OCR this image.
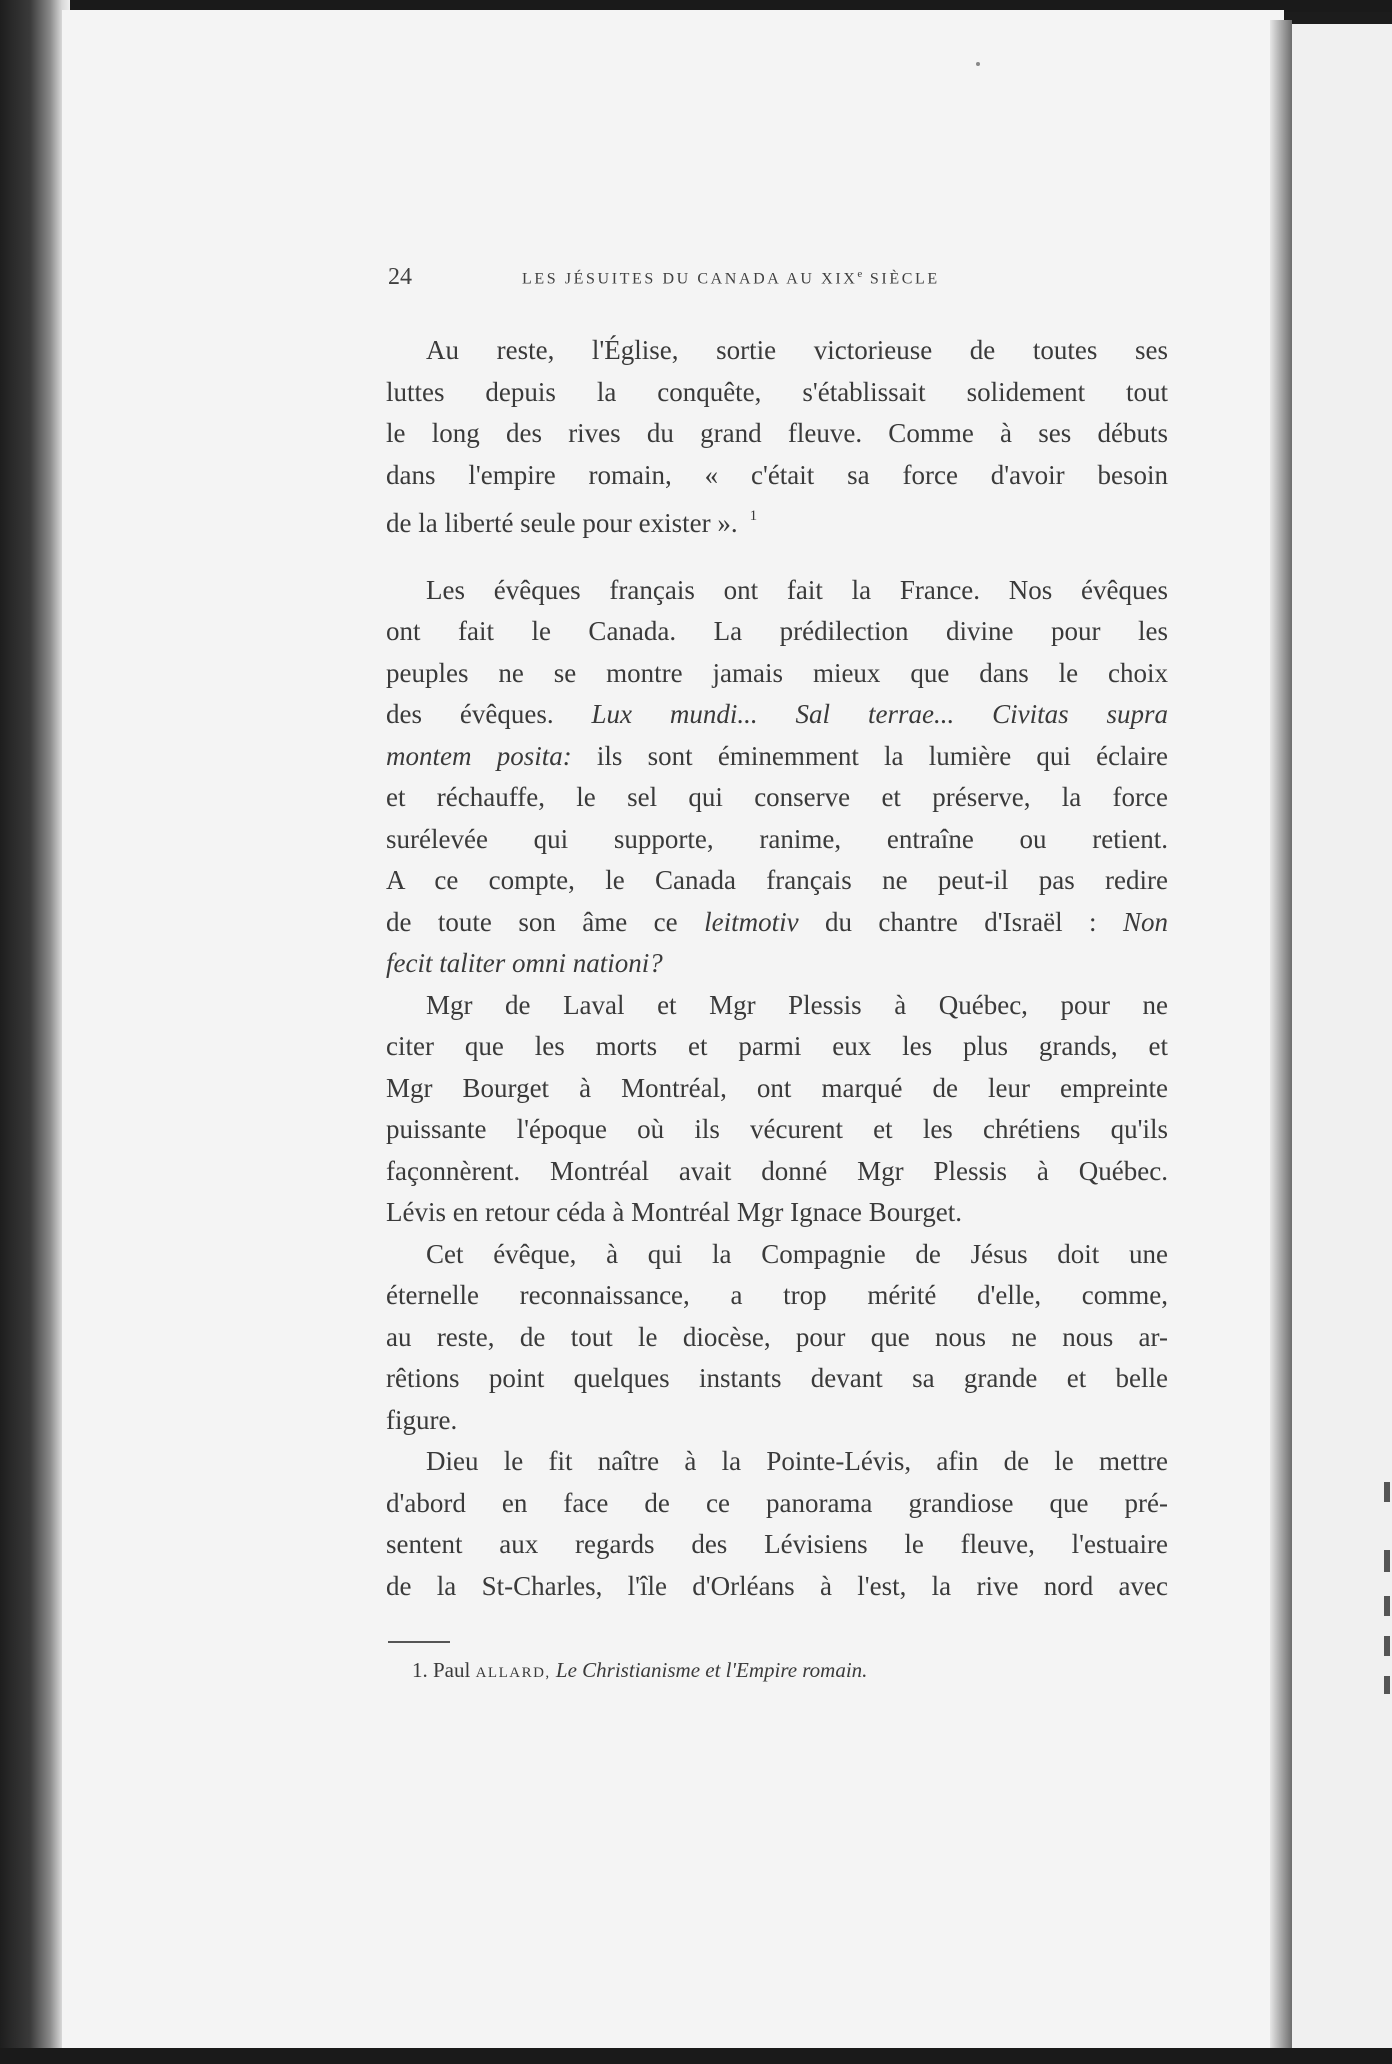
24	LES JÉSUITES DU CANADA AU XIXe SIÈCLE
Au reste, l'Église, sortie victorieuse de toutes ses
luttes depuis la conquête, s'établissait solidement tout
le long des rives du grand fleuve. Comme à ses débuts
dans l'empire romain, « c'était sa force d'avoir besoin
de la liberté seule pour exister ». $^1$
Les évêques français ont fait la France. Nos évêques
ont fait le Canada. La prédilection divine pour les
peuples ne se montre jamais mieux que dans le choix
des évêques. Lux mundi... Sal terrae... Civitas supra
montem posita: ils sont éminemment la lumière qui éclaire
et réchauffe, le sel qui conserve et préserve, la force
surélevée qui supporte, ranime, entraîne ou retient.
A ce compte, le Canada français ne peut-il pas redire
de toute son âme ce leitmotiv du chantre d'Israël : Non
fecit taliter omni nationi?
Mgr de Laval et Mgr Plessis à Québec, pour ne
citer que les morts et parmi eux les plus grands, et
Mgr Bourget à Montréal, ont marqué de leur empreinte
puissante l'époque où ils vécurent et les chrétiens qu'ils
façonnèrent. Montréal avait donné Mgr Plessis à Québec.
Lévis en retour céda à Montréal Mgr Ignace Bourget.
Cet évêque, à qui la Compagnie de Jésus doit une
éternelle reconnaissance, a trop mérité d'elle, comme,
au reste, de tout le diocèse, pour que nous ne nous ar-
rêtions point quelques instants devant sa grande et belle
figure.
Dieu le fit naître à la Pointe-Lévis, afin de le mettre
d'abord en face de ce panorama grandiose que pré-
sentent aux regards des Lévisiens le fleuve, l'estuaire
de la St-Charles, l'île d'Orléans à l'est, la rive nord avec
1. Paul ALLARD, Le Christianisme et l'Empire romain.
